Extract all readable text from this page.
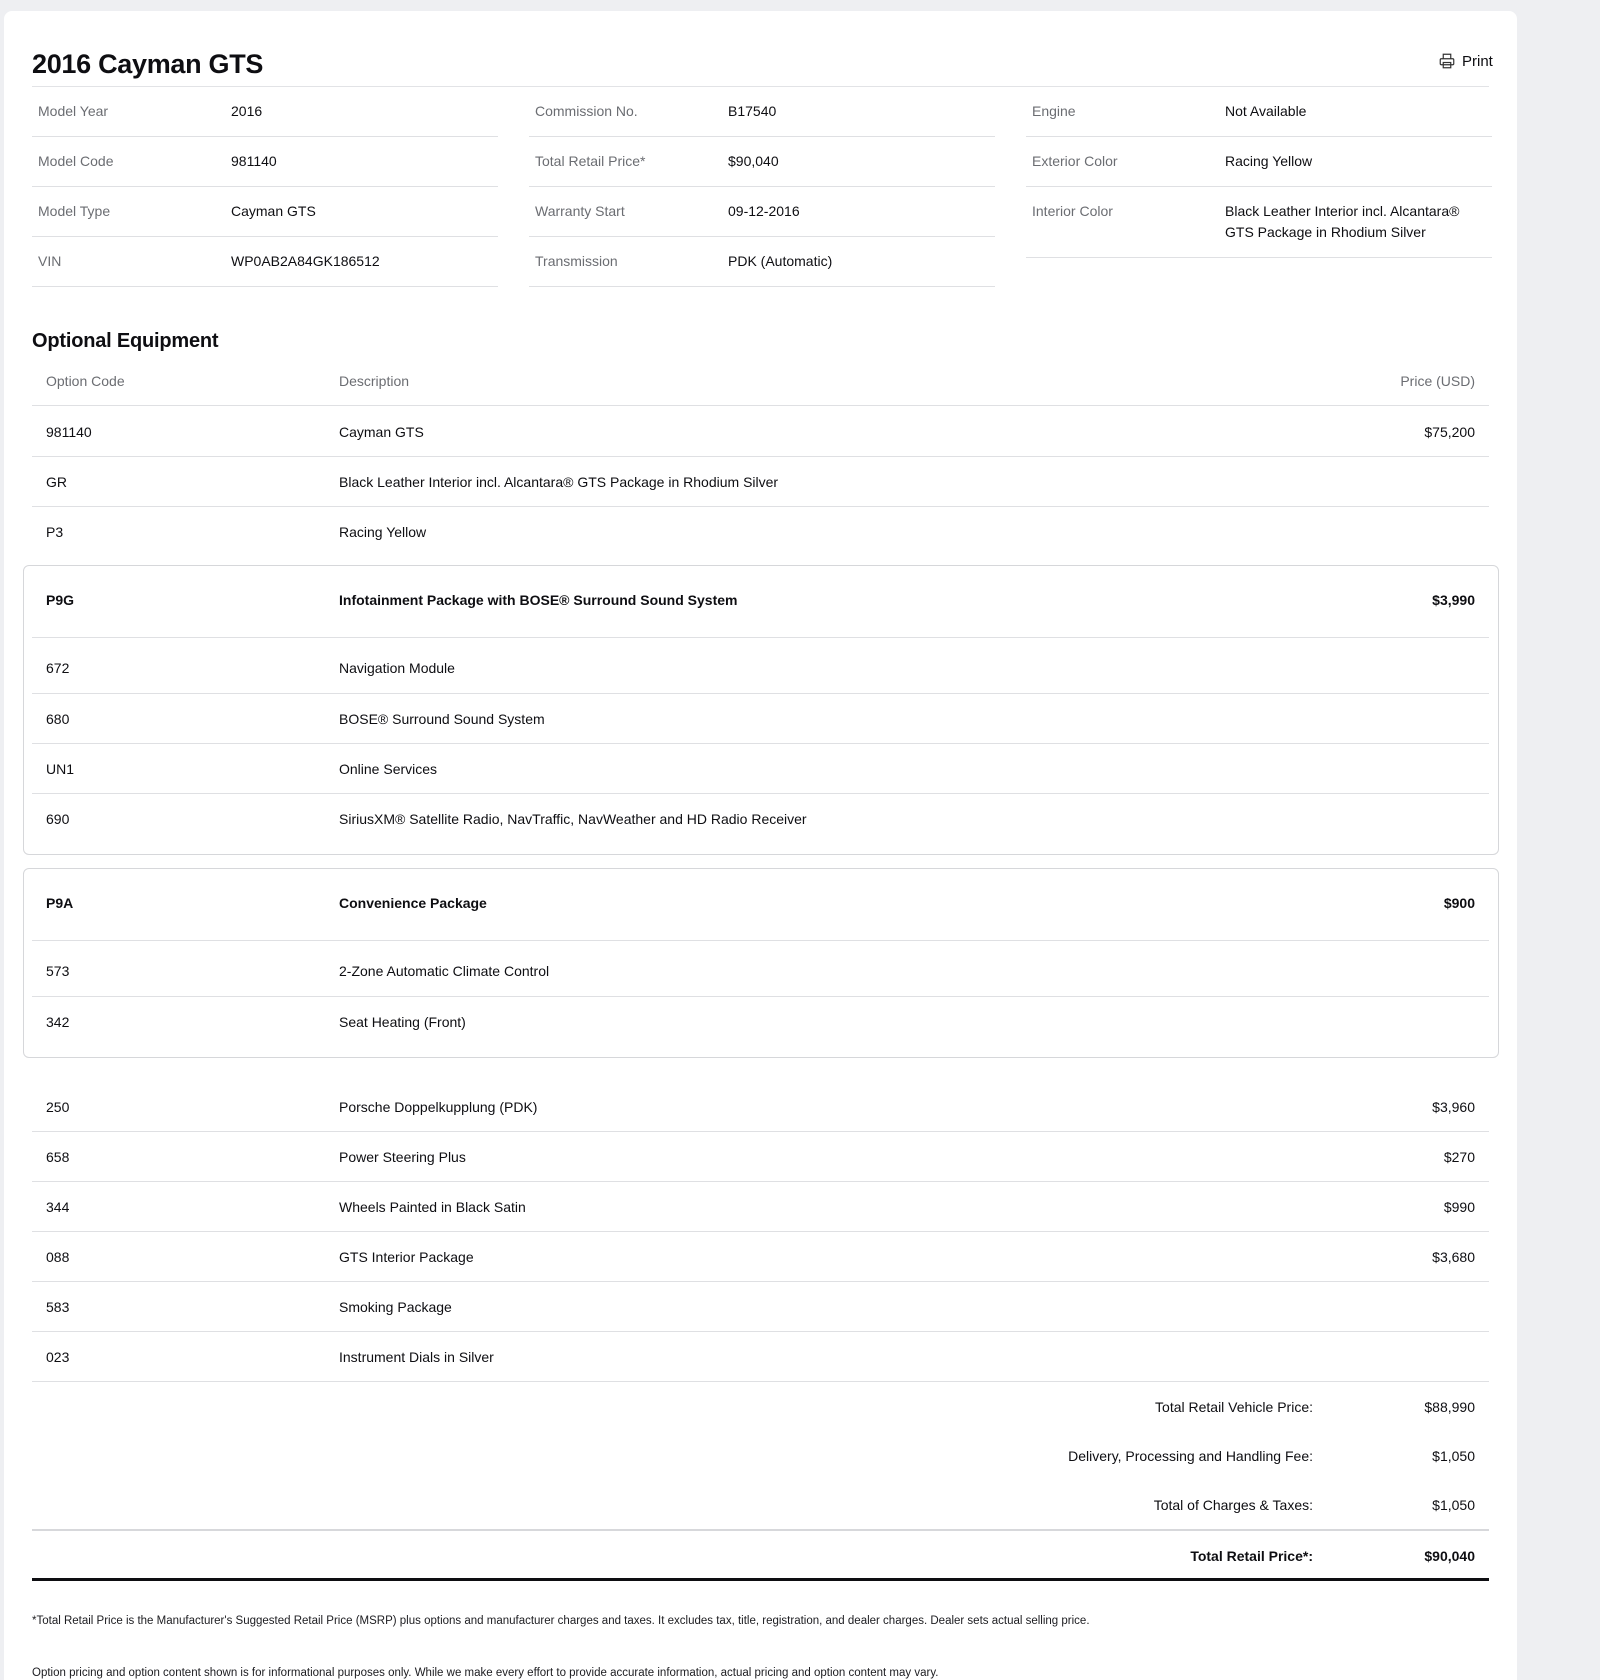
2016 Cayman GTS	Print
Model Year	2016
Model Code	981140
Model Type	Cayman GTS
VIN	WP0AB2A84GK186512
Commission No.	B17540
Total Retail Price*	$90,040
Warranty Start	09-12-2016
Transmission	PDK (Automatic)
Engine	Not Available
Exterior Color	Racing Yellow
Interior Color	Black Leather Interior incl. Alcantara® GTS Package in Rhodium Silver
Optional Equipment
Option Code	Description	Price (USD)
981140	Cayman GTS	$75,200
GR	Black Leather Interior incl. Alcantara® GTS Package in Rhodium Silver
P3	Racing Yellow
P9G	Infotainment Package with BOSE® Surround Sound System	$3,990
672	Navigation Module
680	BOSE® Surround Sound System
UN1	Online Services
690	SiriusXM® Satellite Radio, NavTraffic, NavWeather and HD Radio Receiver
P9A	Convenience Package	$900
573	2-Zone Automatic Climate Control
342	Seat Heating (Front)
250	Porsche Doppelkupplung (PDK)	$3,960
658	Power Steering Plus	$270
344	Wheels Painted in Black Satin	$990
088	GTS Interior Package	$3,680
583	Smoking Package
023	Instrument Dials in Silver
Total Retail Vehicle Price:	$88,990
Delivery, Processing and Handling Fee:	$1,050
Total of Charges & Taxes:	$1,050
Total Retail Price*:	$90,040
*Total Retail Price is the Manufacturer's Suggested Retail Price (MSRP) plus options and manufacturer charges and taxes. It excludes tax, title, registration, and dealer charges. Dealer sets actual selling price.
Option pricing and option content shown is for informational purposes only. While we make every effort to provide accurate information, actual pricing and option content may vary.
